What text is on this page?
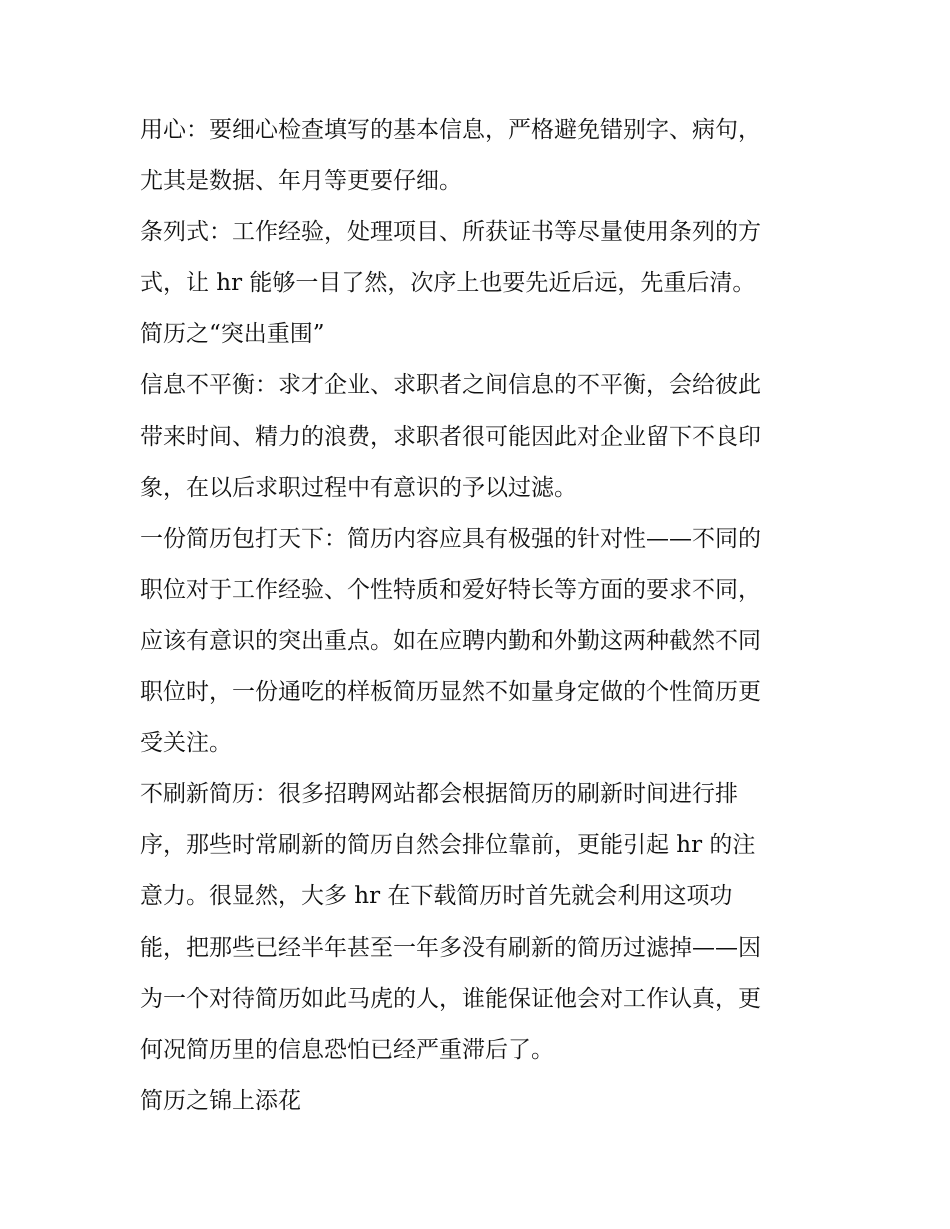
用心：要细心检查填写的基本信息，严格避免错别字、病句，
尤其是数据、年月等更要仔细。

条列式：工作经验，处理项目、所获证书等尽量使用条列的方
式，让 hr 能够一目了然，次序上也要先近后远，先重后清。

简历之“突出重围”

信息不平衡：求才企业、求职者之间信息的不平衡，会给彼此
带来时间、精力的浪费，求职者很可能因此对企业留下不良印
象，在以后求职过程中有意识的予以过滤。

一份简历包打天下：简历内容应具有极强的针对性——不同的
职位对于工作经验、个性特质和爱好特长等方面的要求不同，
应该有意识的突出重点。如在应聘内勤和外勤这两种截然不同
职位时，一份通吃的样板简历显然不如量身定做的个性简历更
受关注。

不刷新简历：很多招聘网站都会根据简历的刷新时间进行排
序，那些时常刷新的简历自然会排位靠前，更能引起 hr 的注
意力。很显然，大多 hr 在下载简历时首先就会利用这项功
能，把那些已经半年甚至一年多没有刷新的简历过滤掉——因
为一个对待简历如此马虎的人，谁能保证他会对工作认真，更
何况简历里的信息恐怕已经严重滞后了。

简历之锦上添花
